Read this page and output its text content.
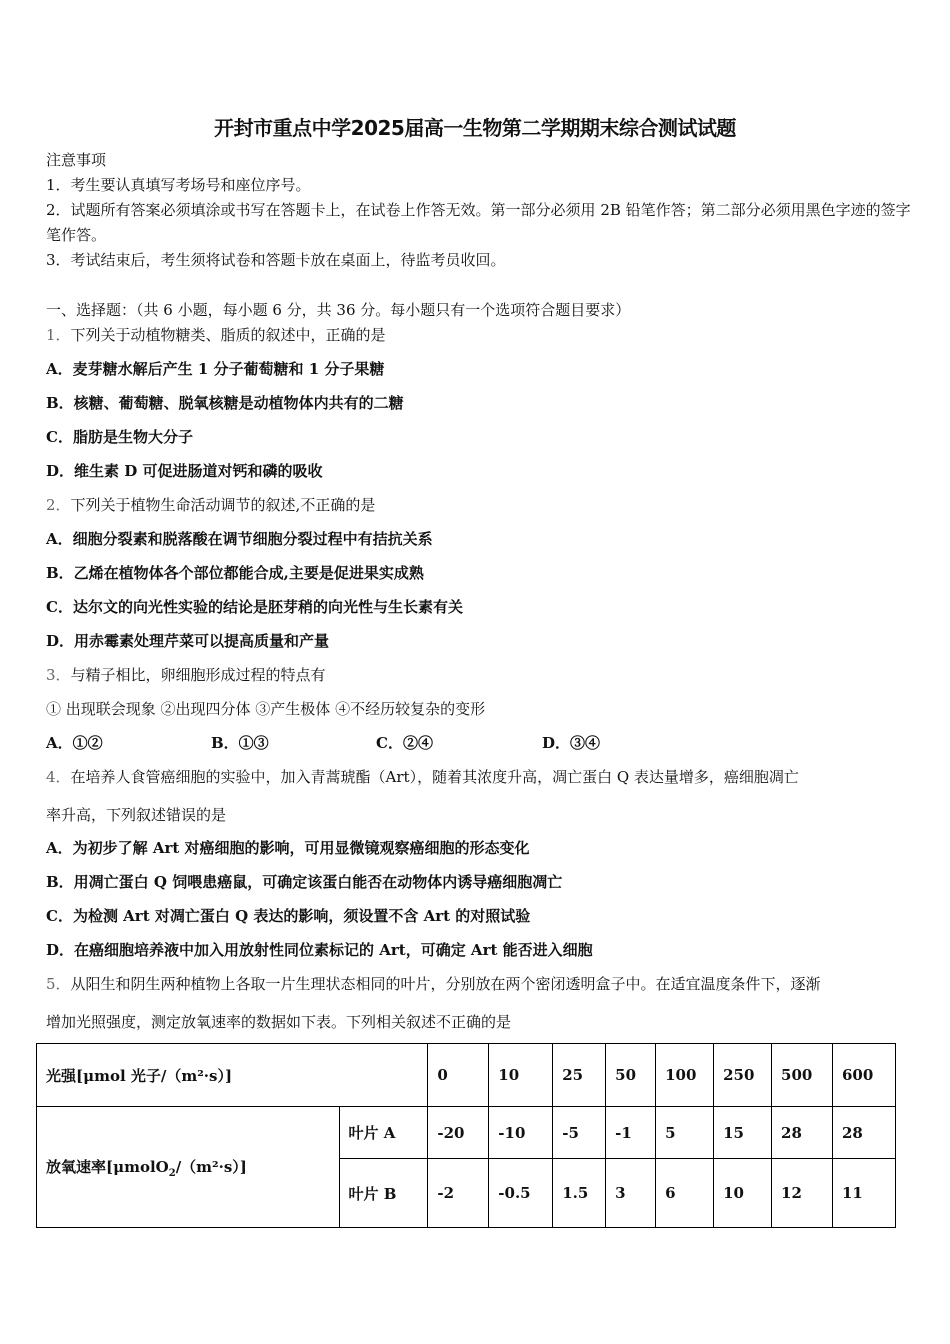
开封市重点中学2025届高一生物第二学期期末综合测试试题
注意事项
1．考生要认真填写考场号和座位序号。
2．试题所有答案必须填涂或书写在答题卡上，在试卷上作答无效。第一部分必须用 2B 铅笔作答；第二部分必须用黑色字迹的签字笔作答。
3．考试结束后，考生须将试卷和答题卡放在桌面上，待监考员收回。
一、选择题：（共 6 小题，每小题 6 分，共 36 分。每小题只有一个选项符合题目要求）
1．下列关于动植物糖类、脂质的叙述中，正确的是
A．麦芽糖水解后产生 1 分子葡萄糖和 1 分子果糖
B．核糖、葡萄糖、脱氧核糖是动植物体内共有的二糖
C．脂肪是生物大分子
D．维生素 D 可促进肠道对钙和磷的吸收
2．下列关于植物生命活动调节的叙述,不正确的是
A．细胞分裂素和脱落酸在调节细胞分裂过程中有拮抗关系
B．乙烯在植物体各个部位都能合成,主要是促进果实成熟
C．达尔文的向光性实验的结论是胚芽稍的向光性与生长素有关
D．用赤霉素处理芹菜可以提高质量和产量
3．与精子相比，卵细胞形成过程的特点有
① 出现联会现象 ②出现四分体 ③产生极体 ④不经历较复杂的变形
A．①②	B．①③	C．②④	D．③④
4．在培养人食管癌细胞的实验中，加入青蒿琥酯（Art），随着其浓度升高，凋亡蛋白 Q 表达量增多，癌细胞凋亡
率升高，下列叙述错误的是
A．为初步了解 Art 对癌细胞的影响，可用显微镜观察癌细胞的形态变化
B．用凋亡蛋白 Q 饲喂患癌鼠，可确定该蛋白能否在动物体内诱导癌细胞凋亡
C．为检测 Art 对凋亡蛋白 Q 表达的影响，须设置不含 Art 的对照试验
D．在癌细胞培养液中加入用放射性同位素标记的 Art，可确定 Art 能否进入细胞
5．从阳生和阴生两种植物上各取一片生理状态相同的叶片，分别放在两个密闭透明盒子中。在适宜温度条件下，逐渐
增加光照强度，测定放氧速率的数据如下表。下列相关叙述不正确的是
光强[μmol 光子/（m²·s）]		0	10	25	50	100	250	500	600
放氧速率[μmolO$_2$/（m²·s）]	叶片 A	-20	-10	-5	-1	5	15	28	28
	叶片 B	-2	-0.5	1.5	3	6	10	12	11
